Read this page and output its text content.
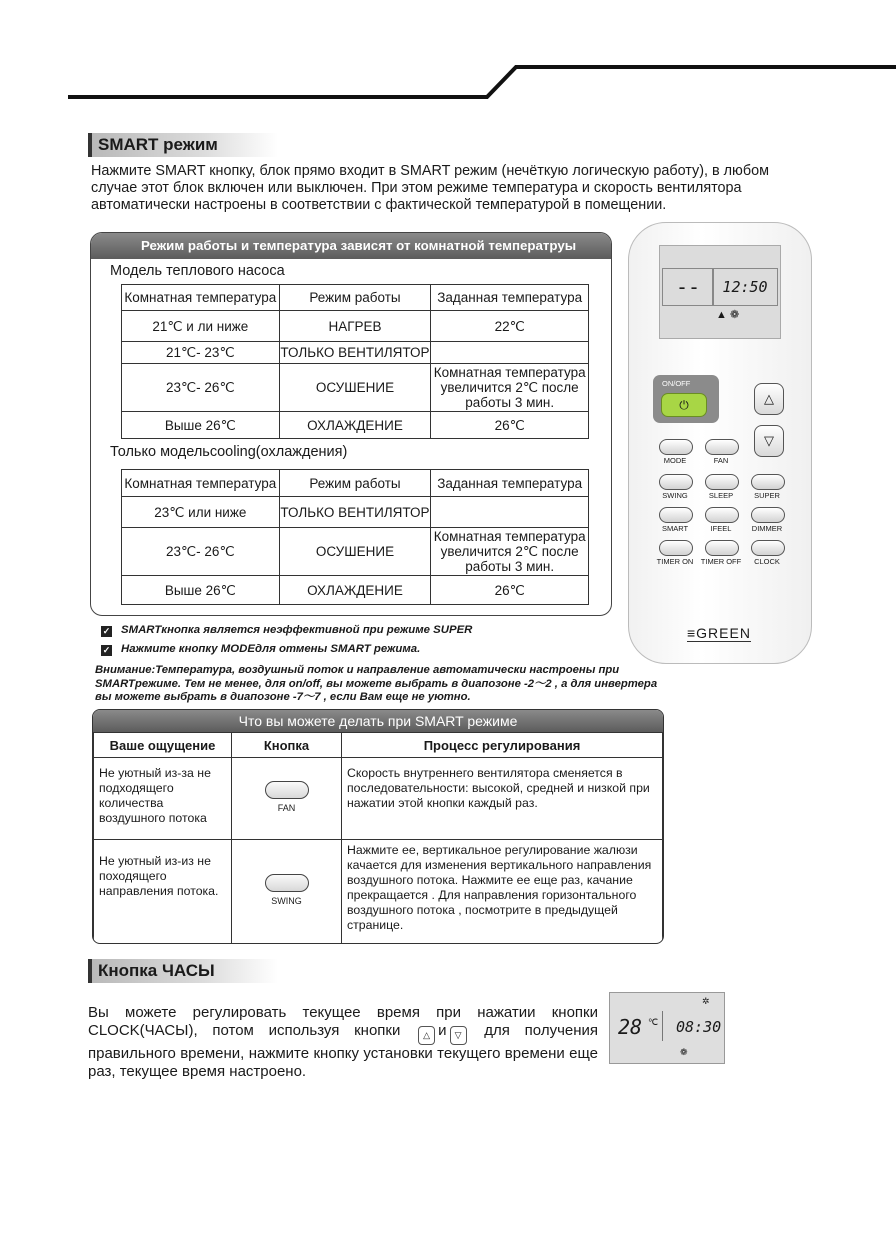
SMART режим
Нажмите SMART кнопку, блок прямо входит в SMART режим (нечёткую логическую работу), в любом случае этот блок включен или выключен. При этом режиме температура и скорость вентилятора автоматически настроены в соответствии с фактической температурой в помещении.
Режим работы и температура зависят от комнатной температруы
Модель теплового насоса
Комнатная температура	Режим работы	Заданная температура
21℃ и ли ниже	НАГРЕВ	22℃
21℃- 23℃	ТОЛЬКО ВЕНТИЛЯТОР	
23℃- 26℃	ОСУШЕНИЕ	Комнатная температура увеличится 2℃ после работы 3 мин.
Выше 26℃	ОХЛАЖДЕНИЕ	26℃
Только модельcooling(охлаждения)
Комнатная температура	Режим работы	Заданная температура
23℃ или ниже	ТОЛЬКО ВЕНТИЛЯТОР	
23℃- 26℃	ОСУШЕНИЕ	Комнатная температура увеличится 2℃ после работы 3 мин.
Выше 26℃	ОХЛАЖДЕНИЕ	26℃
--	12:50
▲ ❁
ON/OFF
⏻	△
▽
MODE	FAN
SWING	SLEEP	SUPER
SMART	IFEEL	DIMMER
TIMER ON TIMER OFF	CLOCK
≡GREEN
✓ SMARTкнопка является неэффективной при режиме SUPER
✓ Нажмите кнопку MODEдля отмены SMART режима.
Внимание:Температура, воздушный поток и направление автоматически настроены при SMARTрежиме. Тем не менее, для on/off, вы можете выбрать в диапозоне -2～2 , а для инвертера вы можете выбрать в диапозоне -7～7 , если Вам еще не уютно.
Что вы можете делать при SMART режиме
Ваше ощущение	Кнопка	Процесс регулирования
Не уютный из-за не подходящего количества воздушного потока	FAN	Скорость внутреннего вентилятора сменяется в последовательности: высокой, средней и низкой при нажатии этой кнопки каждый раз.
Не уютный из-из не походящего направления потока.	SWING	Нажмите ее, вертикальное регулирование жалюзи качается для изменения вертикального направления воздушного потока. Нажмите ее еще раз, качание прекращается . Для направления горизонтального воздушного потока , посмотрите в предыдущей странице.
Кнопка ЧАСЫ
Вы можете регулировать текущее время при нажатии кнопки CLOCK(ЧАСЫ), потом используя кнопки	△ и ▽ для получения правильного времени, нажмите кнопку установки текущего времени еще раз, текущее время настроено.
✲
28 ℃ 08:30
❁
